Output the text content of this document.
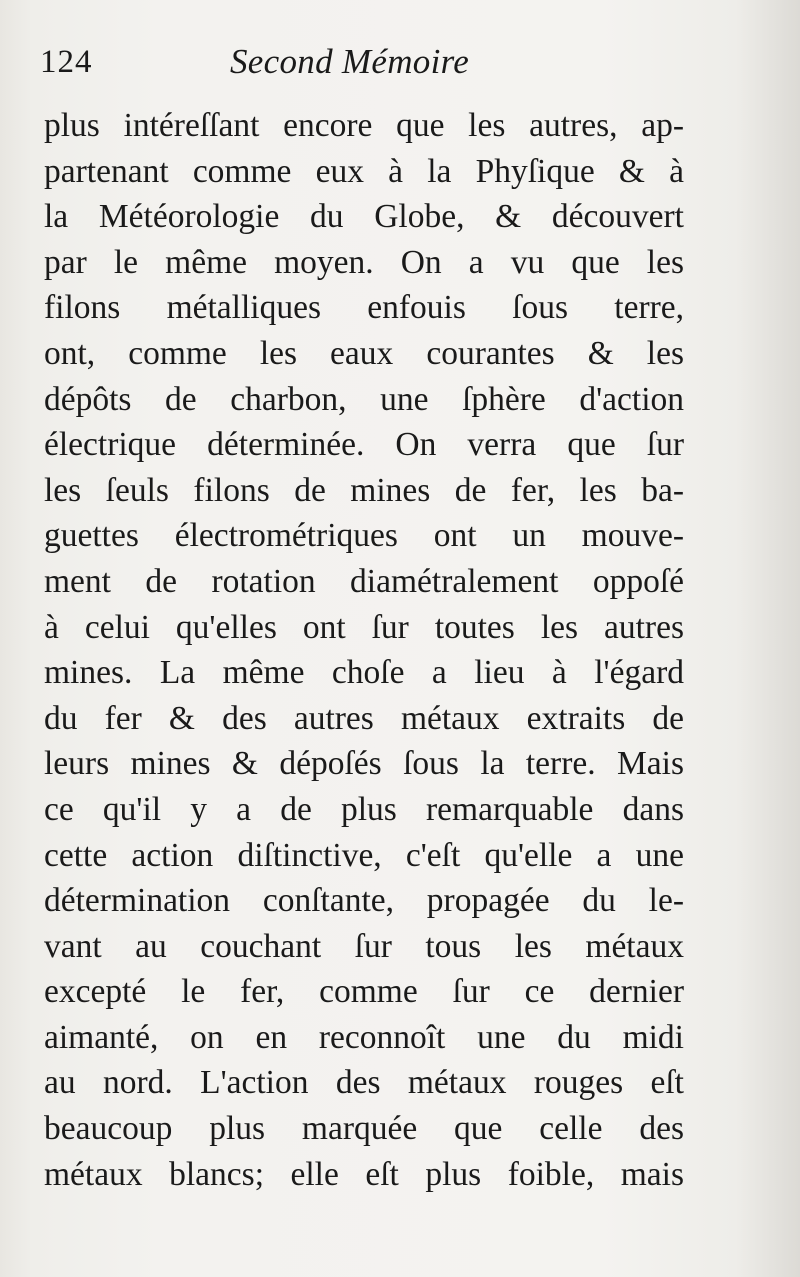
124	Second Mémoire
plus intéreſſant encore que les autres, ap-
partenant comme eux à la Phyſique & à
la Météorologie du Globe, & découvert
par le même moyen. On a vu que les
filons métalliques enfouis ſous terre,
ont, comme les eaux courantes & les
dépôts de charbon, une ſphère d'action
électrique déterminée. On verra que ſur
les ſeuls filons de mines de fer, les ba-
guettes électrométriques ont un mouve-
ment de rotation diamétralement oppoſé
à celui qu'elles ont ſur toutes les autres
mines. La même choſe a lieu à l'égard
du fer & des autres métaux extraits de
leurs mines & dépoſés ſous la terre. Mais
ce qu'il y a de plus remarquable dans
cette action diſtinctive, c'eſt qu'elle a une
détermination conſtante, propagée du le-
vant au couchant ſur tous les métaux
excepté le fer, comme ſur ce dernier
aimanté, on en reconnoît une du midi
au nord. L'action des métaux rouges eſt
beaucoup plus marquée que celle des
métaux blancs; elle eſt plus foible, mais
